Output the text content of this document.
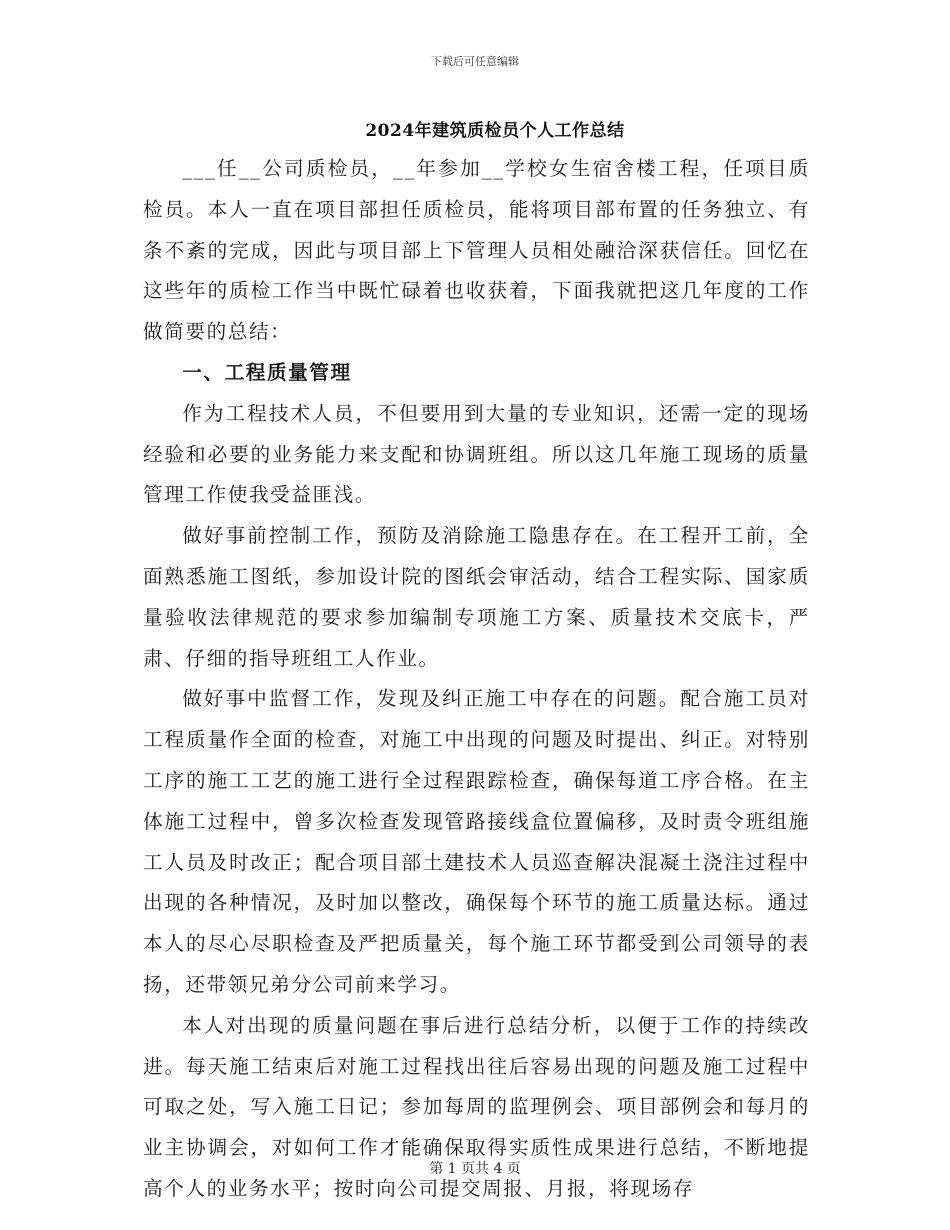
下载后可任意编辑
2024年建筑质检员个人工作总结

___任__公司质检员，__年参加__学校女生宿舍楼工程，任项目质检员。本人一直在项目部担任质检员，能将项目部布置的任务独立、有条不紊的完成，因此与项目部上下管理人员相处融洽深获信任。回忆在这些年的质检工作当中既忙碌着也收获着，下面我就把这几年度的工作做简要的总结：

一、工程质量管理

作为工程技术人员，不但要用到大量的专业知识，还需一定的现场经验和必要的业务能力来支配和协调班组。所以这几年施工现场的质量管理工作使我受益匪浅。

做好事前控制工作，预防及消除施工隐患存在。在工程开工前，全面熟悉施工图纸，参加设计院的图纸会审活动，结合工程实际、国家质量验收法律规范的要求参加编制专项施工方案、质量技术交底卡，严肃、仔细的指导班组工人作业。

做好事中监督工作，发现及纠正施工中存在的问题。配合施工员对工程质量作全面的检查，对施工中出现的问题及时提出、纠正。对特别工序的施工工艺的施工进行全过程跟踪检查，确保每道工序合格。在主体施工过程中，曾多次检查发现管路接线盒位置偏移，及时责令班组施工人员及时改正；配合项目部土建技术人员巡查解决混凝土浇注过程中出现的各种情况，及时加以整改，确保每个环节的施工质量达标。通过本人的尽心尽职检查及严把质量关，每个施工环节都受到公司领导的表扬，还带领兄弟分公司前来学习。

本人对出现的质量问题在事后进行总结分析，以便于工作的持续改进。每天施工结束后对施工过程找出往后容易出现的问题及施工过程中可取之处，写入施工日记；参加每周的监理例会、项目部例会和每月的业主协调会，对如何工作才能确保取得实质性成果进行总结，不断地提高个人的业务水平；按时向公司提交周报、月报，将现场存

第 1 页共 4 页
